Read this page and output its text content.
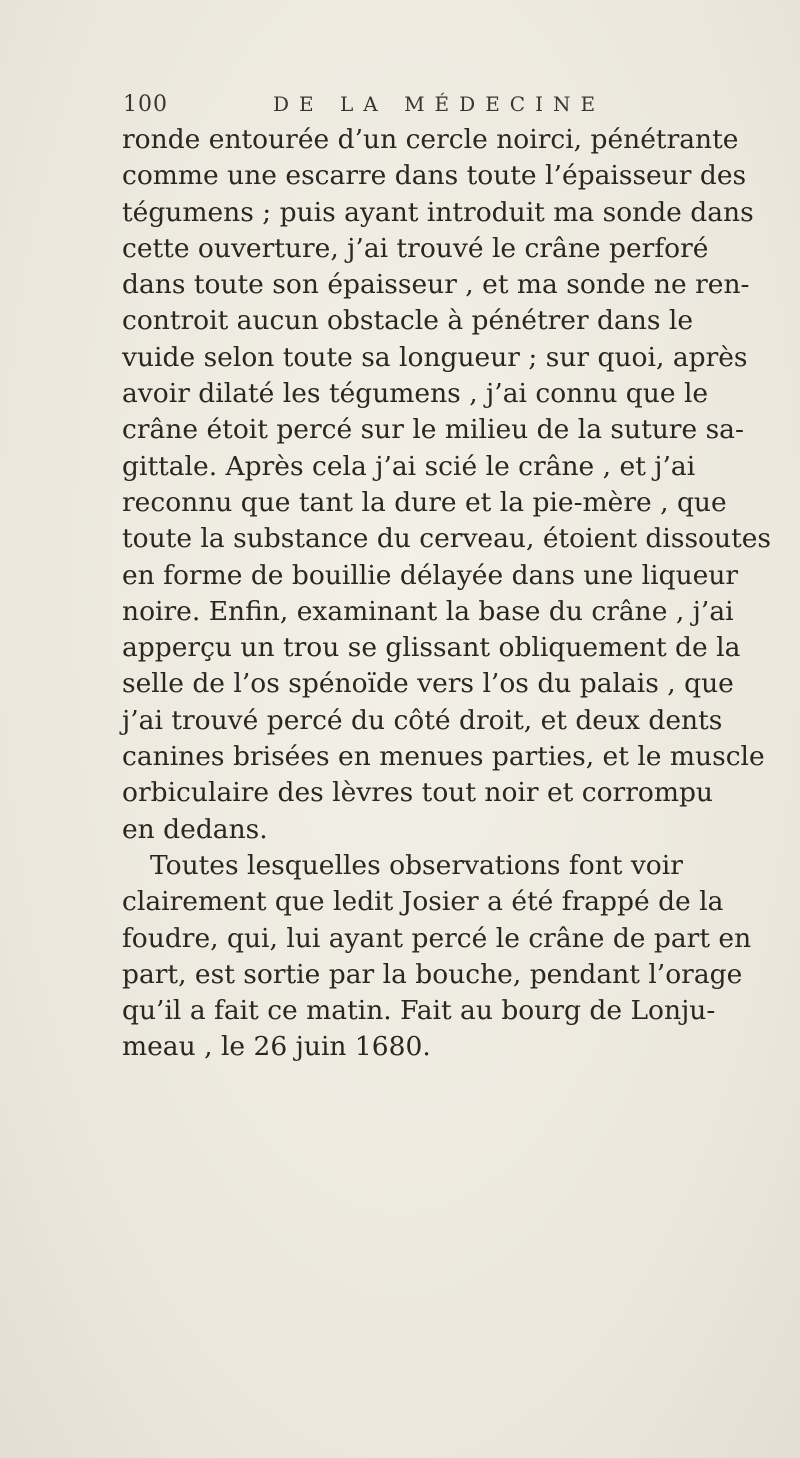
100	DE LA MÉDECINE
ronde entourée d’un cercle noirci, pénétrante
comme une escarre dans toute l’épaisseur des
tégumens ; puis ayant introduit ma sonde dans
cette ouverture, j’ai trouvé le crâne perforé
dans toute son épaisseur , et ma sonde ne ren-
controit aucun obstacle à pénétrer dans le
vuide selon toute sa longueur ; sur quoi, après
avoir dilaté les tégumens , j’ai connu que le
crâne étoit percé sur le milieu de la suture sa-
gittale. Après cela j’ai scié le crâne , et j’ai
reconnu que tant la dure et la pie-mère , que
toute la substance du cerveau, étoient dissoutes
en forme de bouillie délayée dans une liqueur
noire. Enfin, examinant la base du crâne , j’ai
apperçu un trou se glissant obliquement de la
selle de l’os spénoïde vers l’os du palais , que
j’ai trouvé percé du côté droit, et deux dents
canines brisées en menues parties, et le muscle
orbiculaire des lèvres tout noir et corrompu
en dedans.
Toutes lesquelles observations font voir
clairement que ledit Josier a été frappé de la
foudre, qui, lui ayant percé le crâne de part en
part, est sortie par la bouche, pendant l’orage
qu’il a fait ce matin. Fait au bourg de Lonju-
meau , le 26 juin 1680.
